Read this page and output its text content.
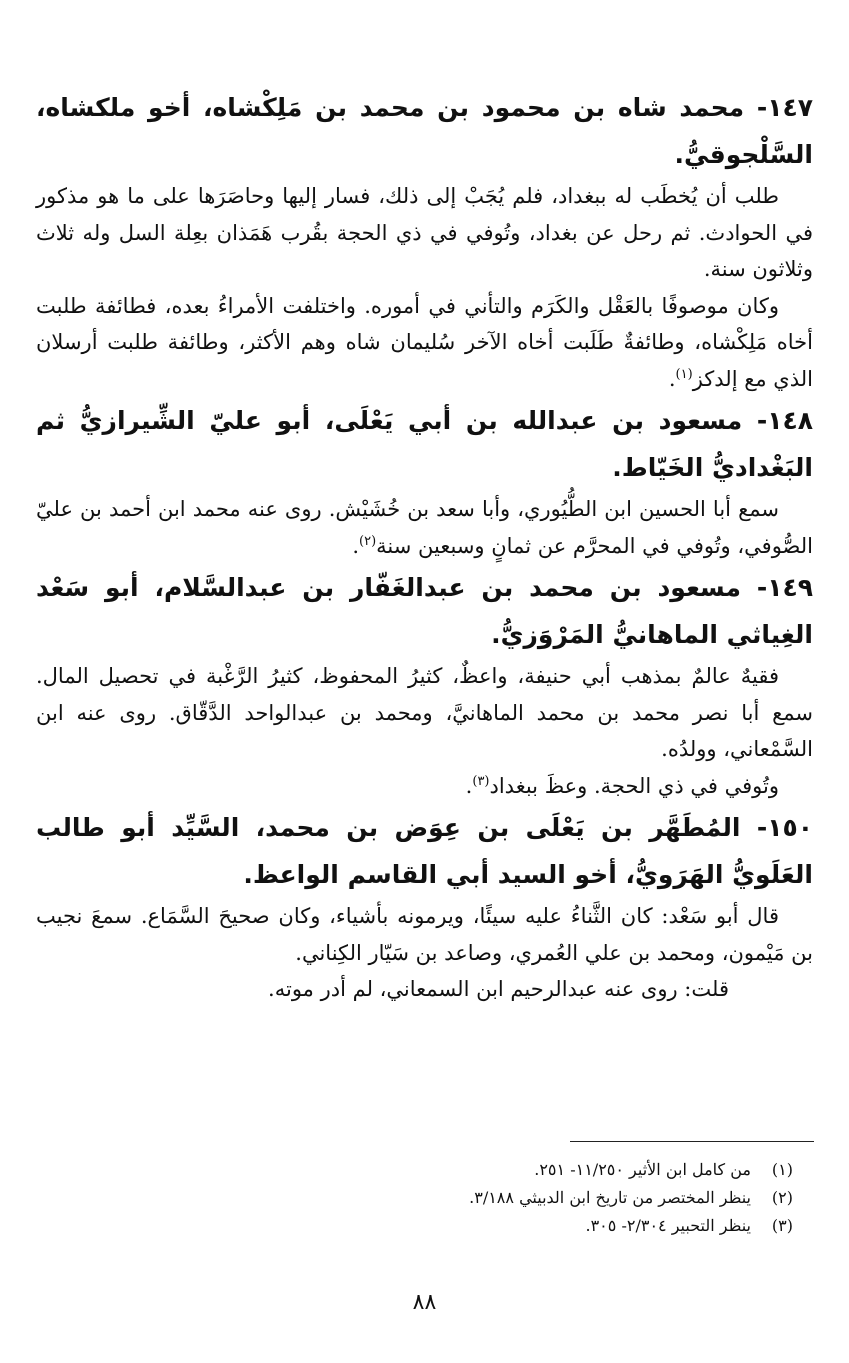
١٤٧- محمد شاه بن محمود بن محمد بن مَلِكْشاه، أخو ملكشاه، السَّلْجوقيُّ.

طلب أن يُخطَب له ببغداد، فلم يُجَبْ إلى ذلك، فسار إليها وحاصَرَها على ما هو مذكور في الحوادث. ثم رحل عن بغداد، وتُوفي في ذي الحجة بقُرب هَمَذان بعِلة السل وله ثلاث وثلاثون سنة.

وكان موصوفًا بالعَقْل والكَرَم والتأني في أموره. واختلفت الأمراءُ بعده، فطائفة طلبت أخاه مَلِكْشاه، وطائفةٌ طَلَبت أخاه الآخر سُليمان شاه وهم الأكثر، وطائفة طلبت أرسلان الذي مع إلدكز$^{(١)}$.

١٤٨- مسعود بن عبدالله بن أبي يَعْلَى، أبو عليّ الشِّيرازيُّ ثم البَغْداديُّ الخَيّاط.

سمع أبا الحسين ابن الطُّيُوري، وأبا سعد بن خُشَيْش. روى عنه محمد ابن أحمد بن عليّ الصُّوفي، وتُوفي في المحرَّم عن ثمانٍ وسبعين سنة$^{(٢)}$.

١٤٩- مسعود بن محمد بن عبدالغَفّار بن عبدالسَّلام، أبو سَعْد الغِياثي الماهانيُّ المَرْوَزيُّ.

فقيهٌ عالمٌ بمذهب أبي حنيفة، واعظٌ، كثيرُ المحفوظ، كثيرُ الرَّغْبة في تحصيل المال. سمع أبا نصر محمد بن محمد الماهانيَّ، ومحمد بن عبدالواحد الدَّقّاق. روى عنه ابن السَّمْعاني، وولدُه.

وتُوفي في ذي الحجة. وعظَ ببغداد$^{(٣)}$.

١٥٠- المُطَهَّر بن يَعْلَى بن عِوَض بن محمد، السَّيِّد أبو طالب العَلَويُّ الهَرَويُّ، أخو السيد أبي القاسم الواعظ.

قال أبو سَعْد: كان الثَّناءُ عليه سيئًا، ويرمونه بأشياء، وكان صحيحَ السَّمَاع. سمعَ نجيب بن مَيْمون، ومحمد بن علي العُمري، وصاعد بن سَيّار الكِناني.

قلت: روى عنه عبدالرحيم ابن السمعاني، لم أدر موته.

(١)
من كامل ابن الأثير ١١/٢٥٠- ٢٥١.
(٢)
ينظر المختصر من تاريخ ابن الدبيثي ٣/١٨٨.
(٣)
ينظر التحبير ٢/٣٠٤- ٣٠٥.
٨٨
